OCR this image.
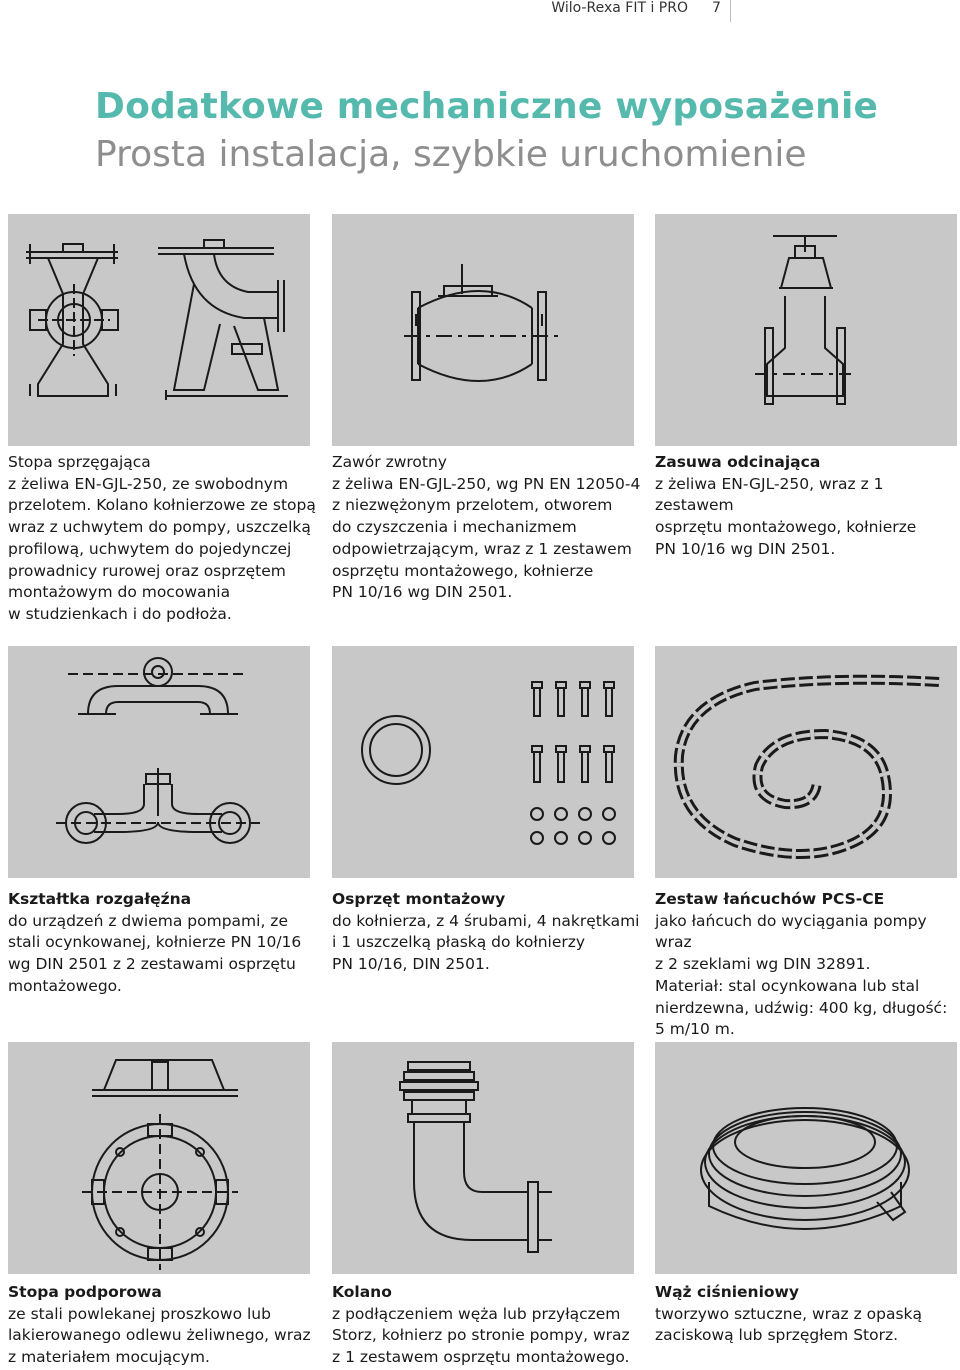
Wilo-Rexa FIT i PRO 7
Dodatkowe mechaniczne wyposażenie
Prosta instalacja, szybkie uruchomienie
Stopa sprzęgająca
z żeliwa EN-GJL-250, ze swobodnym
przelotem. Kolano kołnierzowe ze stopą
wraz z uchwytem do pompy, uszczelką
profilową, uchwytem do pojedynczej
prowadnicy rurowej oraz osprzętem
montażowym do mocowania
w studzienkach i do podłoża.
Zawór zwrotny
z żeliwa EN-GJL-250, wg PN EN 12050-4
z niezwężonym przelotem, otworem
do czyszczenia i mechanizmem
odpowietrzającym, wraz z 1 zestawem
osprzętu montażowego, kołnierze
PN 10/16 wg DIN 2501.
Zasuwa odcinająca
z żeliwa EN-GJL-250, wraz z 1 zestawem
osprzętu montażowego, kołnierze
PN 10/16 wg DIN 2501.
Kształtka rozgałęźna
do urządzeń z dwiema pompami, ze
stali ocynkowanej, kołnierze PN 10/16
wg DIN 2501 z 2 zestawami osprzętu
montażowego.
Osprzęt montażowy
do kołnierza, z 4 śrubami, 4 nakrętkami
i 1 uszczelką płaską do kołnierzy
PN 10/16, DIN 2501.
Zestaw łańcuchów PCS-CE
jako łańcuch do wyciągania pompy wraz
z 2 szeklami wg DIN 32891.
Materiał: stal ocynkowana lub stal
nierdzewna, udźwig: 400 kg, długość:
5 m/10 m.
Stopa podporowa
ze stali powlekanej proszkowo lub
lakierowanego odlewu żeliwnego, wraz
z materiałem mocującym.
Kolano
z podłączeniem węża lub przyłączem
Storz, kołnierz po stronie pompy, wraz
z 1 zestawem osprzętu montażowego.
Wąż ciśnieniowy
tworzywo sztuczne, wraz z opaską
zaciskową lub sprzęgłem Storz.
